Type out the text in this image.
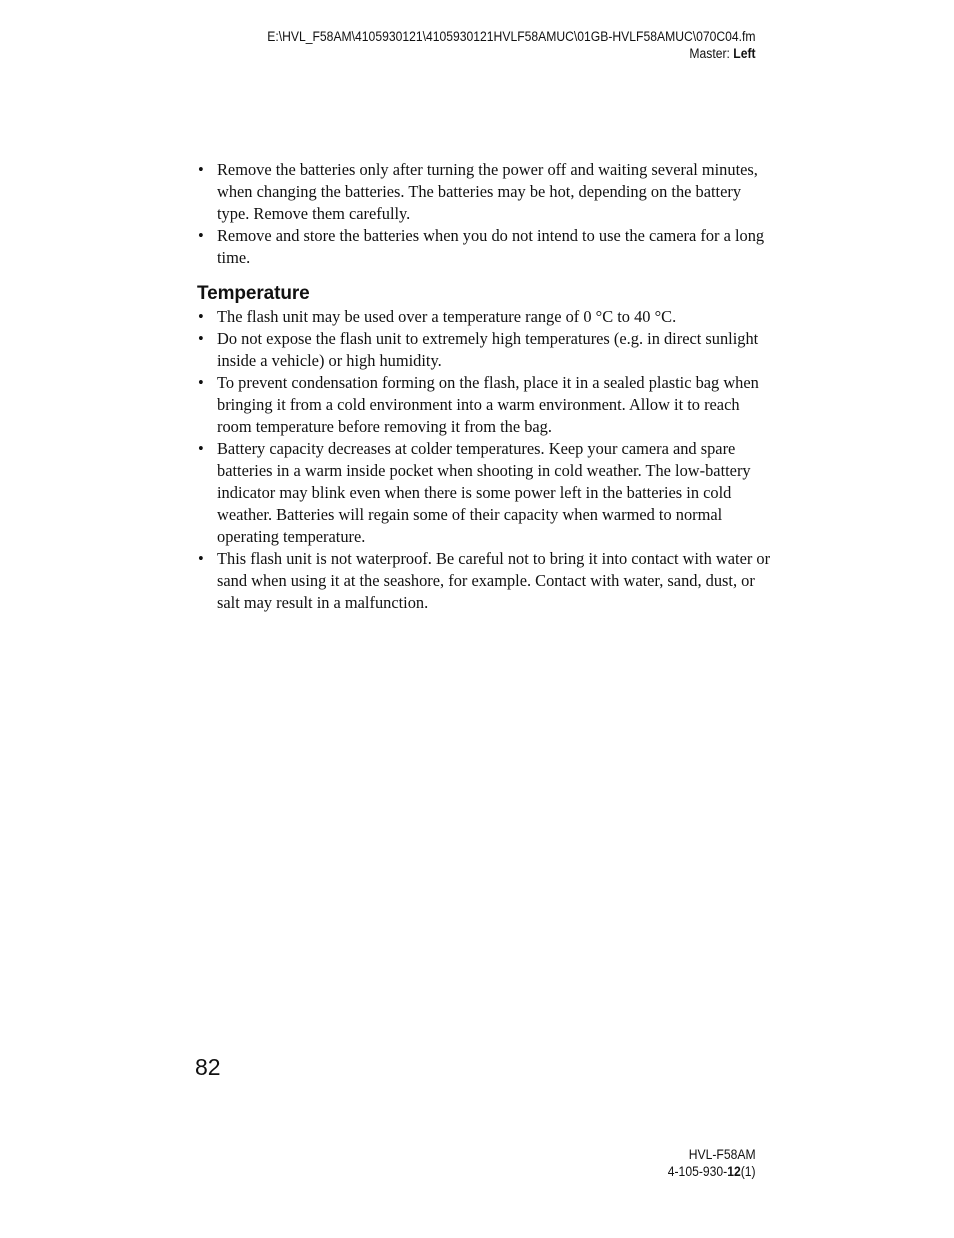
E:\HVL_F58AM\4105930121\4105930121HVLF58AMUC\01GB-HVLF58AMUC\070C04.fm
Master: Left
• Remove the batteries only after turning the power off and waiting several minutes, when changing the batteries. The batteries may be hot, depending on the battery type. Remove them carefully.
• Remove and store the batteries when you do not intend to use the camera for a long time.
Temperature
• The flash unit may be used over a temperature range of 0 °C to 40 °C.
• Do not expose the flash unit to extremely high temperatures (e.g. in direct sunlight inside a vehicle) or high humidity.
• To prevent condensation forming on the flash, place it in a sealed plastic bag when bringing it from a cold environment into a warm environment. Allow it to reach room temperature before removing it from the bag.
• Battery capacity decreases at colder temperatures. Keep your camera and spare batteries in a warm inside pocket when shooting in cold weather. The low-battery indicator may blink even when there is some power left in the batteries in cold weather. Batteries will regain some of their capacity when warmed to normal operating temperature.
• This flash unit is not waterproof. Be careful not to bring it into contact with water or sand when using it at the seashore, for example. Contact with water, sand, dust, or salt may result in a malfunction.
82
HVL-F58AM
4-105-930-12(1)
